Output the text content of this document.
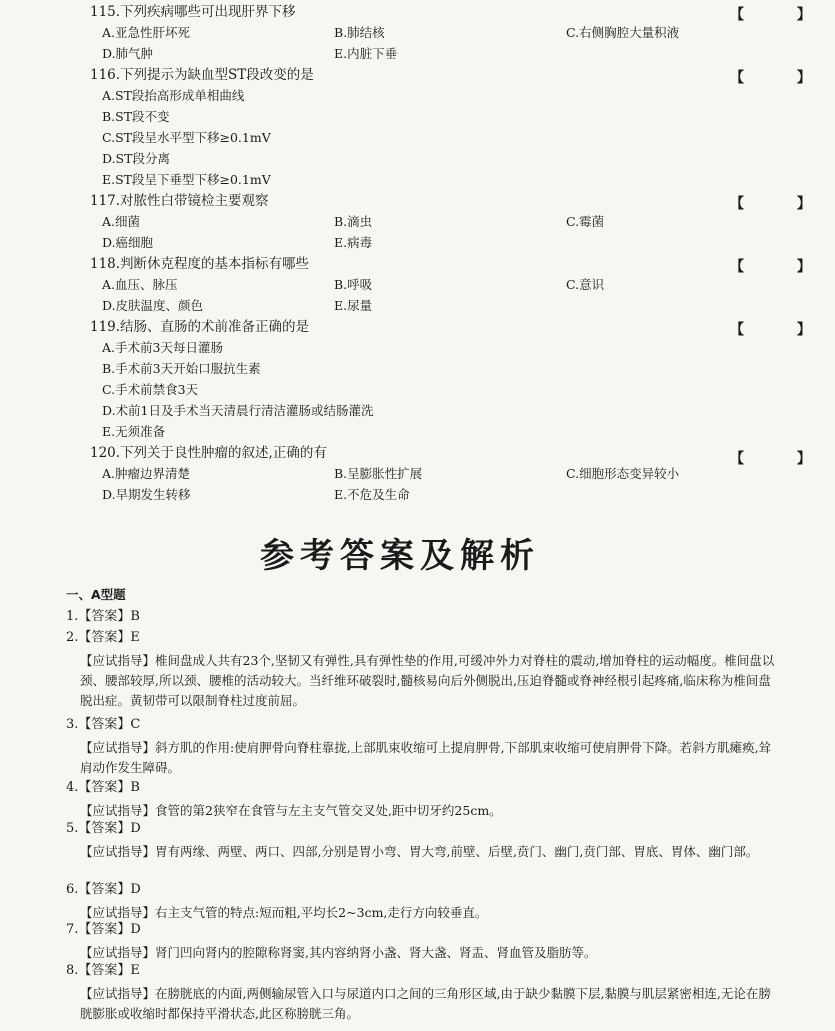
115.下列疾病哪些可出现肝界下移	【 】
A.亚急性肝坏死	B.肺结核	C.右侧胸腔大量积液
D.肺气肿	E.内脏下垂
116.下列提示为缺血型ST段改变的是	【 】
A.ST段抬高形成单相曲线
B.ST段不变
C.ST段呈水平型下移≥0.1mV
D.ST段分离
E.ST段呈下垂型下移≥0.1mV
117.对脓性白带镜检主要观察	【 】
A.细菌	B.滴虫	C.霉菌
D.癌细胞	E.病毒
118.判断休克程度的基本指标有哪些	【 】
A.血压、脉压	B.呼吸	C.意识
D.皮肤温度、颜色	E.尿量
119.结肠、直肠的术前准备正确的是	【 】
A.手术前3天每日灌肠
B.手术前3天开始口服抗生素
C.手术前禁食3天
D.术前1日及手术当天清晨行清洁灌肠或结肠灌洗
E.无须准备
120.下列关于良性肿瘤的叙述,正确的有	【 】
A.肿瘤边界清楚	B.呈膨胀性扩展	C.细胞形态变异较小
D.早期发生转移	E.不危及生命
参考答案及解析
一、A型题
1.【答案】B
2.【答案】E
【应试指导】椎间盘成人共有23个,坚韧又有弹性,具有弹性垫的作用,可缓冲外力对脊柱的震动,增加脊柱的运动幅度。椎间盘以颈、腰部较厚,所以颈、腰椎的活动较大。当纤维环破裂时,髓核易向后外侧脱出,压迫脊髓或脊神经根引起疼痛,临床称为椎间盘脱出症。黄韧带可以限制脊柱过度前屈。
3.【答案】C
【应试指导】斜方肌的作用:使肩胛骨向脊柱靠拢,上部肌束收缩可上提肩胛骨,下部肌束收缩可使肩胛骨下降。若斜方肌瘫痪,耸肩动作发生障碍。
4.【答案】B
【应试指导】食管的第2狭窄在食管与左主支气管交叉处,距中切牙约25cm。
5.【答案】D
【应试指导】胃有两缘、两壁、两口、四部,分别是胃小弯、胃大弯,前壁、后壁,贲门、幽门,贲门部、胃底、胃体、幽门部。
6.【答案】D
【应试指导】右主支气管的特点:短而粗,平均长2~3cm,走行方向较垂直。
7.【答案】D
【应试指导】肾门凹向肾内的腔隙称肾窦,其内容纳肾小盏、肾大盏、肾盂、肾血管及脂肪等。
8.【答案】E
【应试指导】在膀胱底的内面,两侧输尿管入口与尿道内口之间的三角形区域,由于缺少黏膜下层,黏膜与肌层紧密相连,无论在膀胱膨胀或收缩时都保持平滑状态,此区称膀胱三角。
